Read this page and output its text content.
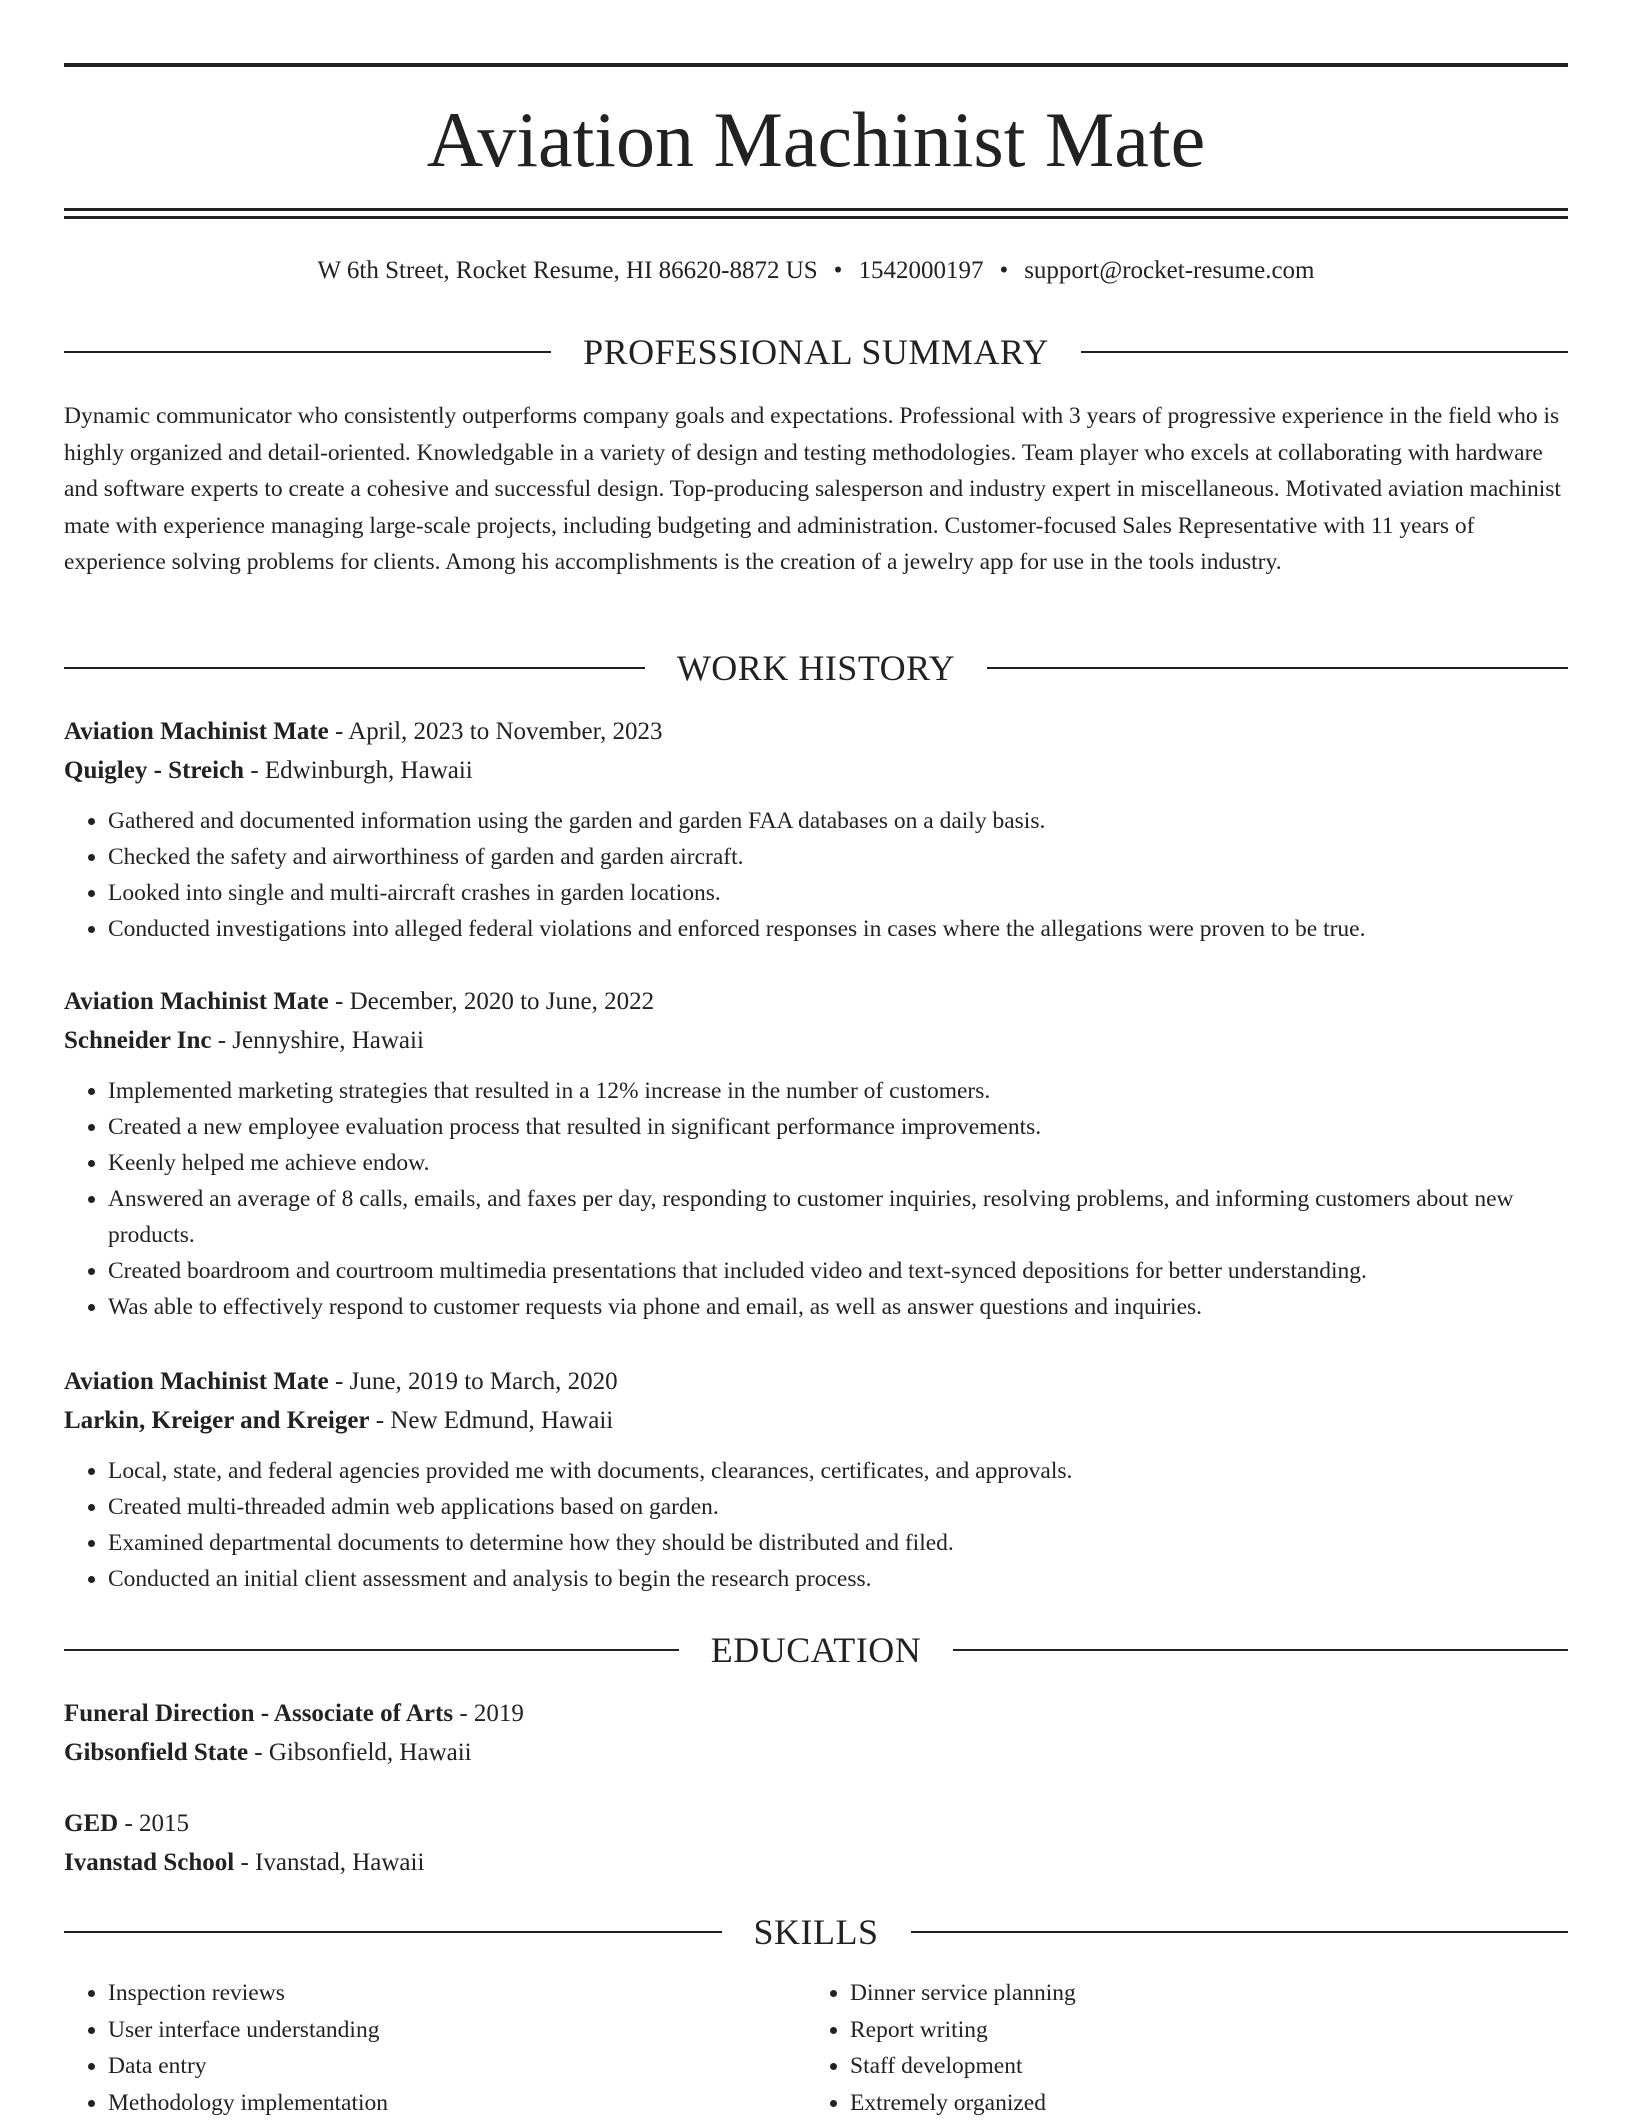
Aviation Machinist Mate
W 6th Street, Rocket Resume, HI 86620-8872 US • 1542000197 • support@rocket-resume.com
PROFESSIONAL SUMMARY

Dynamic communicator who consistently outperforms company goals and expectations. Professional with 3 years of progressive experience in the field who is highly organized and detail-oriented. Knowledgable in a variety of design and testing methodologies. Team player who excels at collaborating with hardware and software experts to create a cohesive and successful design. Top-producing salesperson and industry expert in miscellaneous. Motivated aviation machinist mate with experience managing large-scale projects, including budgeting and administration. Customer-focused Sales Representative with 11 years of experience solving problems for clients. Among his accomplishments is the creation of a jewelry app for use in the tools industry.

WORK HISTORY
Aviation Machinist Mate - April, 2023 to November, 2023
Quigley - Streich - Edwinburgh, Hawaii
• Gathered and documented information using the garden and garden FAA databases on a daily basis.
• Checked the safety and airworthiness of garden and garden aircraft.
• Looked into single and multi-aircraft crashes in garden locations.
• Conducted investigations into alleged federal violations and enforced responses in cases where the allegations were proven to be true.
Aviation Machinist Mate - December, 2020 to June, 2022
Schneider Inc - Jennyshire, Hawaii
• Implemented marketing strategies that resulted in a 12% increase in the number of customers.
• Created a new employee evaluation process that resulted in significant performance improvements.
• Keenly helped me achieve endow.
• Answered an average of 8 calls, emails, and faxes per day, responding to customer inquiries, resolving problems, and informing customers about new products.
• Created boardroom and courtroom multimedia presentations that included video and text-synced depositions for better understanding.
• Was able to effectively respond to customer requests via phone and email, as well as answer questions and inquiries.
Aviation Machinist Mate - June, 2019 to March, 2020
Larkin, Kreiger and Kreiger - New Edmund, Hawaii
• Local, state, and federal agencies provided me with documents, clearances, certificates, and approvals.
• Created multi-threaded admin web applications based on garden.
• Examined departmental documents to determine how they should be distributed and filed.
• Conducted an initial client assessment and analysis to begin the research process.
EDUCATION
Funeral Direction - Associate of Arts - 2019
Gibsonfield State - Gibsonfield, Hawaii
GED - 2015
Ivanstad School - Ivanstad, Hawaii
SKILLS
• Inspection reviews
• User interface understanding
• Data entry
• Methodology implementation
• Dinner service planning
• Report writing
• Staff development
• Extremely organized
